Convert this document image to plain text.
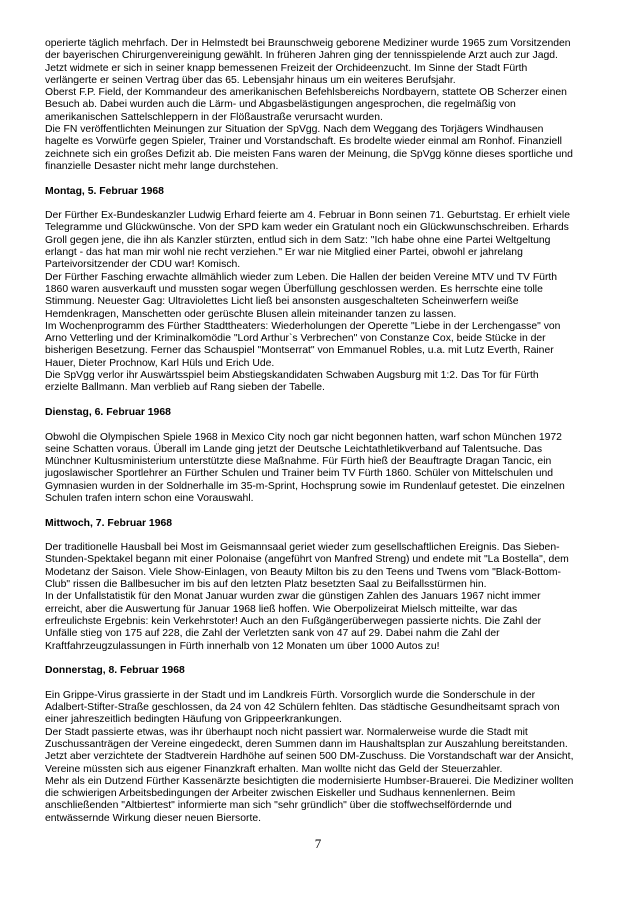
operierte täglich mehrfach. Der in Helmstedt bei Braunschweig geborene Mediziner wurde 1965 zum Vorsitzenden
der bayerischen Chirurgenvereinigung gewählt. In früheren Jahren ging der tennisspielende Arzt auch zur Jagd.
Jetzt widmete er sich in seiner knapp bemessenen Freizeit der Orchideenzucht. Im Sinne der Stadt Fürth
verlängerte er seinen Vertrag über das 65. Lebensjahr hinaus um ein weiteres Berufsjahr.

Oberst F.P. Field, der Kommandeur des amerikanischen Befehlsbereichs Nordbayern, stattete OB Scherzer einen
Besuch ab. Dabei wurden auch die Lärm- und Abgasbelästigungen angesprochen, die regelmäßig von
amerikanischen Sattelschleppern in der Flößaustraße verursacht wurden.

Die FN veröffentlichten Meinungen zur Situation der SpVgg. Nach dem Weggang des Torjägers Windhausen
hagelte es Vorwürfe gegen Spieler, Trainer und Vorstandschaft. Es brodelte wieder einmal am Ronhof. Finanziell
zeichnete sich ein großes Defizit ab. Die meisten Fans waren der Meinung, die SpVgg könne dieses sportliche und
finanzielle Desaster nicht mehr lange durchstehen.

Montag, 5. Februar 1968

Der Fürther Ex-Bundeskanzler Ludwig Erhard feierte am 4. Februar in Bonn seinen 71. Geburtstag. Er erhielt viele
Telegramme und Glückwünsche. Von der SPD kam weder ein Gratulant noch ein Glückwunschschreiben. Erhards
Groll gegen jene, die ihn als Kanzler stürzten, entlud sich in dem Satz: "Ich habe ohne eine Partei Weltgeltung
erlangt - das hat man mir wohl nie recht verziehen." Er war nie Mitglied einer Partei, obwohl er jahrelang
Parteivorsitzender der CDU war! Komisch.

Der Fürther Fasching erwachte allmählich wieder zum Leben. Die Hallen der beiden Vereine MTV und TV Fürth
1860 waren ausverkauft und mussten sogar wegen Überfüllung geschlossen werden. Es herrschte eine tolle
Stimmung. Neuester Gag: Ultraviolettes Licht ließ bei ansonsten ausgeschalteten Scheinwerfern weiße
Hemdenkragen, Manschetten oder gerüschte Blusen allein miteinander tanzen zu lassen.

Im Wochenprogramm des Fürther Stadttheaters: Wiederholungen der Operette "Liebe in der Lerchengasse" von
Arno Vetterling und der Kriminalkomödie "Lord Arthur`s Verbrechen" von Constanze Cox, beide Stücke in der
bisherigen Besetzung. Ferner das Schauspiel "Montserrat" von Emmanuel Robles, u.a. mit Lutz Everth, Rainer
Hauer, Dieter Prochnow, Karl Hüls und Erich Ude.

Die SpVgg verlor ihr Auswärtsspiel beim Abstiegskandidaten Schwaben Augsburg mit 1:2. Das Tor für Fürth
erzielte Ballmann. Man verblieb auf Rang sieben der Tabelle.

Dienstag, 6. Februar 1968

Obwohl die Olympischen Spiele 1968 in Mexico City noch gar nicht begonnen hatten, warf schon München 1972
seine Schatten voraus. Überall im Lande ging jetzt der Deutsche Leichtathletikverband auf Talentsuche. Das
Münchner Kultusministerium unterstützte diese Maßnahme. Für Fürth hieß der Beauftragte Dragan Tancic, ein
jugoslawischer Sportlehrer an Fürther Schulen und Trainer beim TV Fürth 1860. Schüler von Mittelschulen und
Gymnasien wurden in der Soldnerhalle im 35-m-Sprint, Hochsprung sowie im Rundenlauf getestet. Die einzelnen
Schulen trafen intern schon eine Vorauswahl.

Mittwoch, 7. Februar 1968

Der traditionelle Hausball bei Most im Geismannsaal geriet wieder zum gesellschaftlichen Ereignis. Das Sieben-
Stunden-Spektakel begann mit einer Polonaise (angeführt von Manfred Streng) und endete mit "La Bostella", dem
Modetanz der Saison. Viele Show-Einlagen, von Beauty Milton bis zu den Teens und Twens vom "Black-Bottom-
Club" rissen die Ballbesucher im bis auf den letzten Platz besetzten Saal zu Beifallsstürmen hin.

In der Unfallstatistik für den Monat Januar wurden zwar die günstigen Zahlen des Januars 1967 nicht immer
erreicht, aber die Auswertung für Januar 1968 ließ hoffen. Wie Oberpolizeirat Mielsch mitteilte, war das
erfreulichste Ergebnis: kein Verkehrstoter! Auch an den Fußgängerüberwegen passierte nichts. Die Zahl der
Unfälle stieg von 175 auf 228, die Zahl der Verletzten sank von 47 auf 29. Dabei nahm die Zahl der
Kraftfahrzeugzulassungen in Fürth innerhalb von 12 Monaten um über 1000 Autos zu!

Donnerstag, 8. Februar 1968

Ein Grippe-Virus grassierte in der Stadt und im Landkreis Fürth. Vorsorglich wurde die Sonderschule in der
Adalbert-Stifter-Straße geschlossen, da 24 von 42 Schülern fehlten. Das städtische Gesundheitsamt sprach von
einer jahreszeitlich bedingten Häufung von Grippeerkrankungen.

Der Stadt passierte etwas, was ihr überhaupt noch nicht passiert war. Normalerweise wurde die Stadt mit
Zuschussanträgen der Vereine eingedeckt, deren Summen dann im Haushaltsplan zur Auszahlung bereitstanden.
Jetzt aber verzichtete der Stadtverein Hardhöhe auf seinen 500 DM-Zuschuss. Die Vorstandschaft war der Ansicht,
Vereine müssten sich aus eigener Finanzkraft erhalten. Man wollte nicht das Geld der Steuerzahler.

Mehr als ein Dutzend Fürther Kassenärzte besichtigten die modernisierte Humbser-Brauerei. Die Mediziner wollten
die schwierigen Arbeitsbedingungen der Arbeiter zwischen Eiskeller und Sudhaus kennenlernen. Beim
anschließenden "Altbiertest" informierte man sich "sehr gründlich" über die stoffwechselfördernde und
entwässernde Wirkung dieser neuen Biersorte.

7
